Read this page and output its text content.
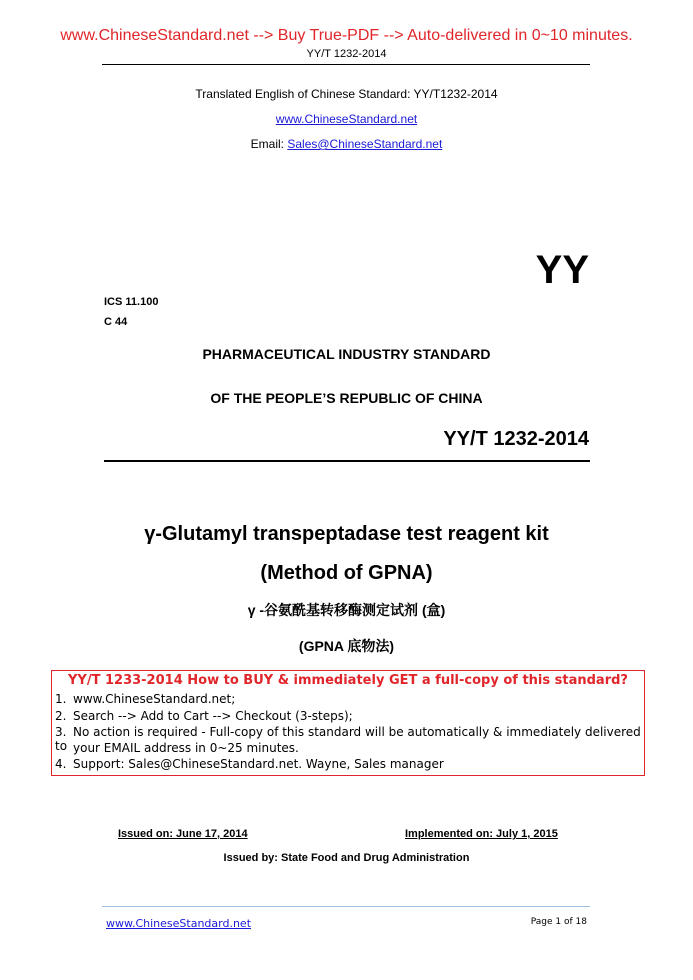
www.ChineseStandard.net --> Buy True-PDF --> Auto-delivered in 0~10 minutes.
YY/T 1232-2014
Translated English of Chinese Standard: YY/T1232-2014
www.ChineseStandard.net
Email: Sales@ChineseStandard.net
YY
ICS 11.100
C 44
PHARMACEUTICAL INDUSTRY STANDARD
OF THE PEOPLE’S REPUBLIC OF CHINA
YY/T 1232-2014
γ-Glutamyl transpeptadase test reagent kit
(Method of GPNA)
γ -谷氨酰基转移酶测定试剂 (盒)
(GPNA 底物法)
YY/T 1233-2014 How to BUY & immediately GET a full-copy of this standard?
1. www.ChineseStandard.net;
2. Search --> Add to Cart --> Checkout (3-steps);
3. No action is required - Full-copy of this standard will be automatically & immediately delivered to your EMAIL address in 0~25 minutes.
4. Support: Sales@ChineseStandard.net. Wayne, Sales manager
Issued on: June 17, 2014	Implemented on: July 1, 2015
Issued by: State Food and Drug Administration
www.ChineseStandard.net	Page 1 of 18
